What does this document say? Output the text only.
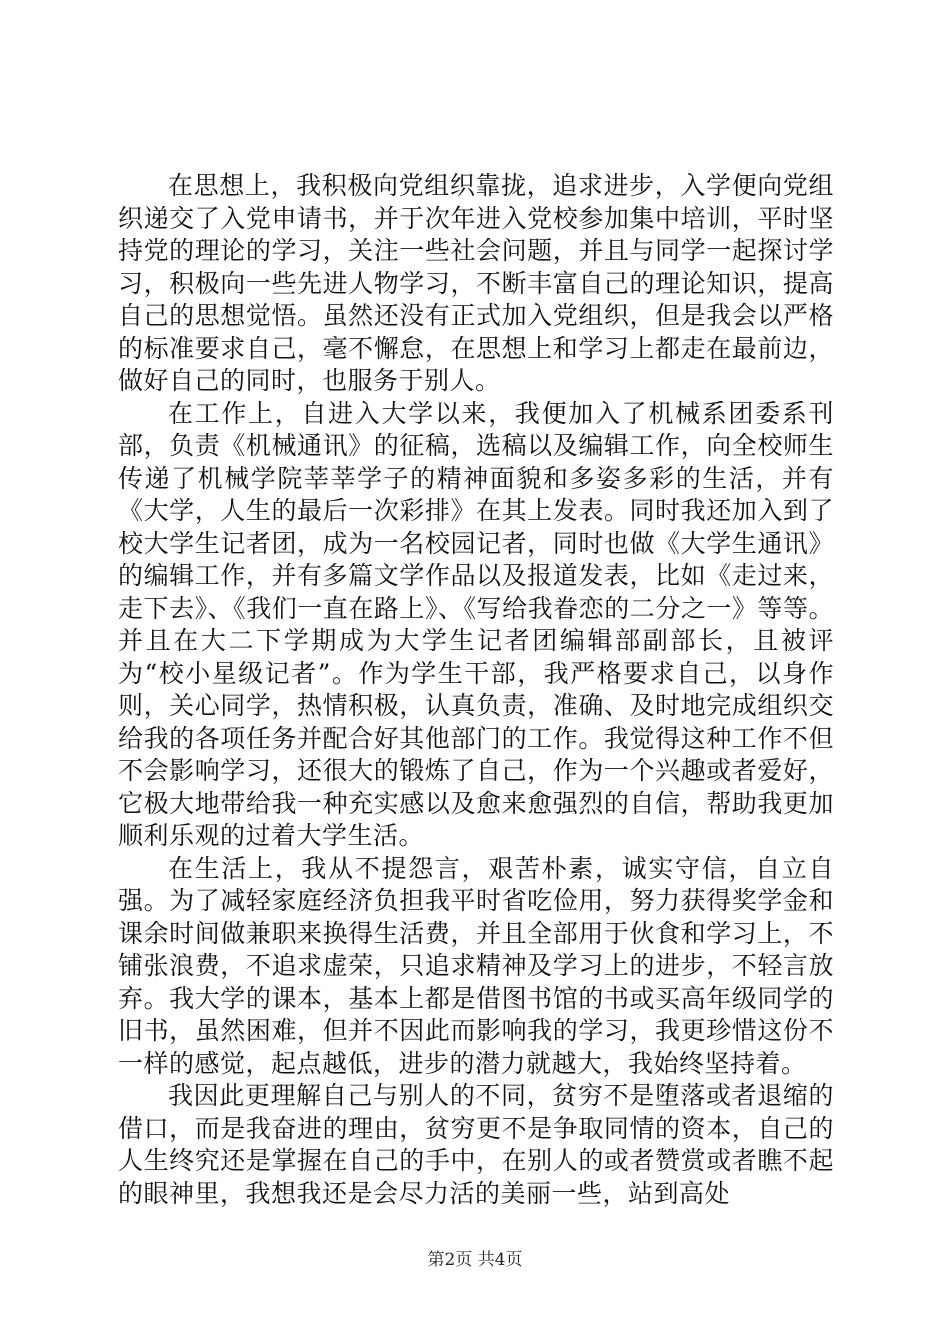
在思想上，我积极向党组织靠拢，追求进步，入学便向党组织递交了入党申请书，并于次年进入党校参加集中培训，平时坚持党的理论的学习，关注一些社会问题，并且与同学一起探讨学习，积极向一些先进人物学习，不断丰富自己的理论知识，提高自己的思想觉悟。虽然还没有正式加入党组织，但是我会以严格的标准要求自己，毫不懈怠，在思想上和学习上都走在最前边，做好自己的同时，也服务于别人。

在工作上，自进入大学以来，我便加入了机械系团委系刊部，负责《机械通讯》的征稿，选稿以及编辑工作，向全校师生传递了机械学院莘莘学子的精神面貌和多姿多彩的生活，并有《大学，人生的最后一次彩排》在其上发表。同时我还加入到了校大学生记者团，成为一名校园记者，同时也做《大学生通讯》的编辑工作，并有多篇文学作品以及报道发表，比如《走过来，走下去》、《我们一直在路上》、《写给我眷恋的二分之一》等等。并且在大二下学期成为大学生记者团编辑部副部长，且被评为“校小星级记者”。作为学生干部，我严格要求自己，以身作则，关心同学，热情积极，认真负责，准确、及时地完成组织交给我的各项任务并配合好其他部门的工作。我觉得这种工作不但不会影响学习，还很大的锻炼了自己，作为一个兴趣或者爱好，它极大地带给我一种充实感以及愈来愈强烈的自信，帮助我更加顺利乐观的过着大学生活。

在生活上，我从不提怨言，艰苦朴素，诚实守信，自立自强。为了减轻家庭经济负担我平时省吃俭用，努力获得奖学金和课余时间做兼职来换得生活费，并且全部用于伙食和学习上，不铺张浪费，不追求虚荣，只追求精神及学习上的进步，不轻言放弃。我大学的课本，基本上都是借图书馆的书或买高年级同学的旧书，虽然困难，但并不因此而影响我的学习，我更珍惜这份不一样的感觉，起点越低，进步的潜力就越大，我始终坚持着。

我因此更理解自己与别人的不同，贫穷不是堕落或者退缩的借口，而是我奋进的理由，贫穷更不是争取同情的资本，自己的人生终究还是掌握在自己的手中，在别人的或者赞赏或者瞧不起的眼神里，我想我还是会尽力活的美丽一些，站到高处

第2页 共4页
